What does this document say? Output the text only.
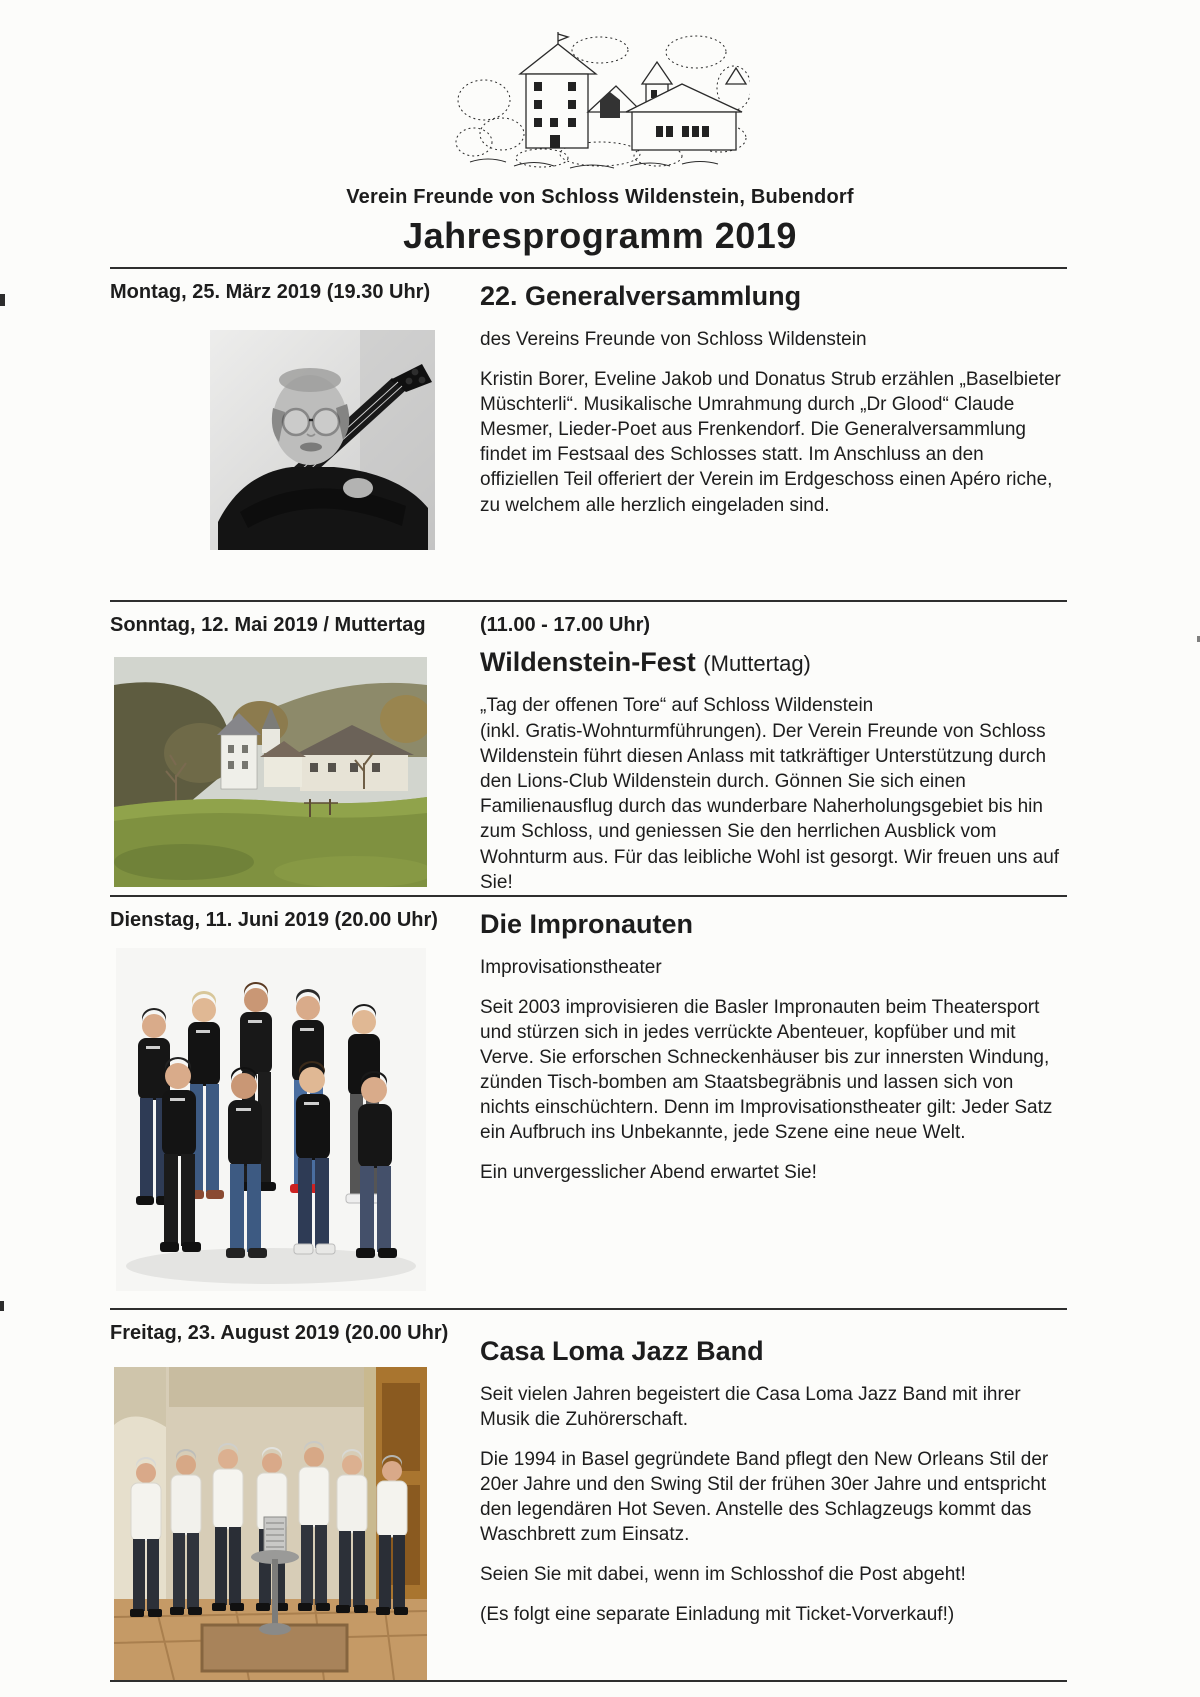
Verein Freunde von Schloss Wildenstein, Bubendorf
Jahresprogramm 2019
Montag, 25. März 2019 (19.30 Uhr)	22. Generalversammlung

des Vereins Freunde von Schloss Wildenstein

Kristin Borer, Eveline Jakob und Donatus Strub erzählen „Baselbieter Müschterli“. Musikalische Umrahmung durch „Dr Glood“ Claude Mesmer, Lieder-Poet aus Frenkendorf. Die Generalversammlung findet im Festsaal des Schlosses statt. Im Anschluss an den offiziellen Teil offeriert der Verein im Erdgeschoss einen Apéro riche, zu welchem alle herzlich eingeladen sind.

Sonntag, 12. Mai 2019 / Muttertag	(11.00 - 17.00 Uhr)
Wildenstein-Fest (Muttertag)

„Tag der offenen Tore“ auf Schloss Wildenstein

(inkl. Gratis-Wohnturmführungen). Der Verein Freunde von Schloss Wildenstein führt diesen Anlass mit tatkräftiger Unterstützung durch den Lions-Club Wildenstein durch. Gönnen Sie sich einen Familienausflug durch das wunderbare Naherholungsgebiet bis hin zum Schloss, und geniessen Sie den herrlichen Ausblick vom Wohnturm aus. Für das leibliche Wohl ist gesorgt. Wir freuen uns auf Sie!

Dienstag, 11. Juni 2019 (20.00 Uhr)	Die Impronauten

Improvisationstheater

Seit 2003 improvisieren die Basler Impronauten beim Theatersport und stürzen sich in jedes verrückte Abenteuer, kopfüber und mit Verve. Sie erforschen Schneckenhäuser bis zur innersten Windung, zünden Tisch-bomben am Staatsbegräbnis und lassen sich von nichts einschüchtern. Denn im Improvisationstheater gilt: Jeder Satz ein Aufbruch ins Unbekannte, jede Szene eine neue Welt.

Ein unvergesslicher Abend erwartet Sie!

Freitag, 23. August 2019 (20.00 Uhr)
Casa Loma Jazz Band

Seit vielen Jahren begeistert die Casa Loma Jazz Band mit ihrer Musik die Zuhörerschaft.

Die 1994 in Basel gegründete Band pflegt den New Orleans Stil der 20er Jahre und den Swing Stil der frühen 30er Jahre und entspricht den legendären Hot Seven. Anstelle des Schlagzeugs kommt das Waschbrett zum Einsatz.

Seien Sie mit dabei, wenn im Schlosshof die Post abgeht!

(Es folgt eine separate Einladung mit Ticket-Vorverkauf!)
